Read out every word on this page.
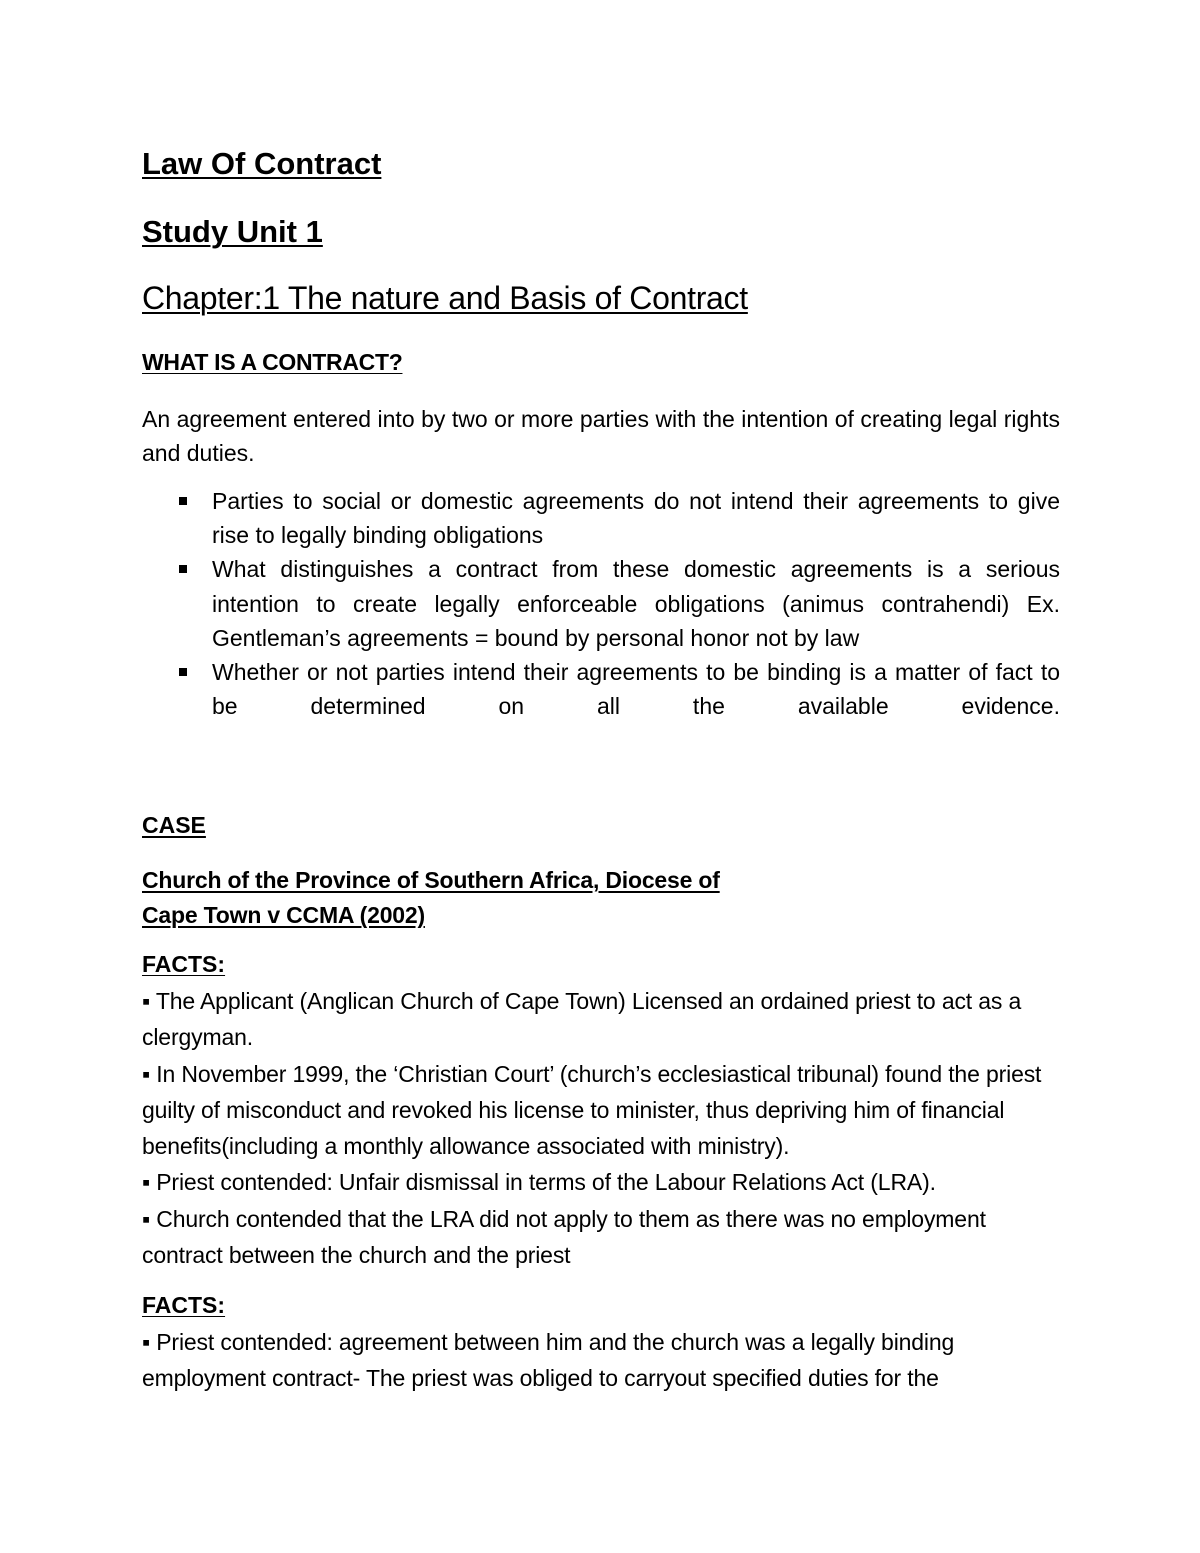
Law Of Contract
Study Unit 1
Chapter:1 The nature and Basis of Contract
WHAT IS A CONTRACT?

An agreement entered into by two or more parties with the intention of creating legal rights and duties.

Parties to social or domestic agreements do not intend their agreements to give rise to legally binding obligations
What distinguishes a contract from these domestic agreements is a serious intention to create legally enforceable obligations (animus contrahendi) Ex. Gentleman’s agreements = bound by personal honor not by law
Whether or not parties intend their agreements to be binding is a matter of fact to be determined on all the available evidence.
CASE
Church of the Province of Southern Africa, Diocese of
Cape Town v CCMA (2002)
FACTS:

▪ The Applicant (Anglican Church of Cape Town) Licensed an ordained priest to act as a clergyman.

▪ In November 1999, the ‘Christian Court’ (church’s ecclesiastical tribunal) found the priest guilty of misconduct and revoked his license to minister, thus depriving him of financial benefits(including a monthly allowance associated with ministry).

▪ Priest contended: Unfair dismissal in terms of the Labour Relations Act (LRA).

▪ Church contended that the LRA did not apply to them as there was no employment contract between the church and the priest

FACTS:

▪ Priest contended: agreement between him and the church was a legally binding employment contract- The priest was obliged to carryout specified duties for the
